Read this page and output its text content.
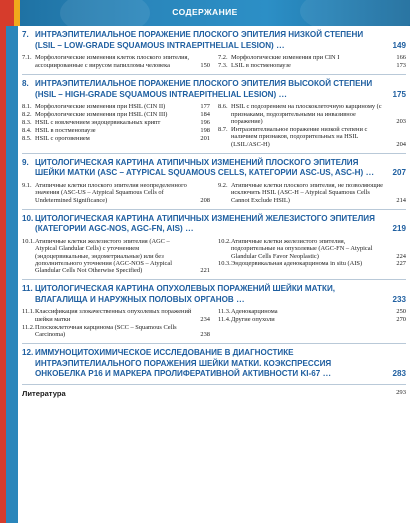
СОДЕРЖАНИЕ
7. ИНТРАЭПИТЕЛИАЛЬНОЕ ПОРАЖЕНИЕ ПЛОСКОГО ЭПИТЕЛИЯ НИЗКОЙ СТЕПЕНИ (LSIL – LOW-GRADE SQUAMOUS INTRAEPITHELIAL LESION) ...	149
7.1. Морфологические изменения клеток плоского эпителия, ассоциированные с вирусом папилломы человека	150
7.2. Морфологические изменения при CIN I	166
7.3. LSIL в постменопаузе	173
8. ИНТРАЭПИТЕЛИАЛЬНОЕ ПОРАЖЕНИЕ ПЛОСКОГО ЭПИТЕЛИЯ ВЫСОКОЙ СТЕПЕНИ (HSIL – HIGH-GRADE SQUAMOUS INTRAEPITHELIAL LESION) ...	175
8.1. Морфологические изменения при HSIL (CIN II)	177
8.2. Морфологические изменения при HSIL (CIN III)	184
8.3. HSIL с вовлечением эндоцервикальных крипт	196
8.4. HSIL в постменопаузе	198
8.5. HSIL с ороговением	201
8.6. HSIL с подозрением на плоскоклеточную карциному (с признаками, подозрительными на инвазивное поражение)	203
8.7. Интраэпителиальное поражение низкой степени с наличием признаков, подозрительных на HSIL (LSIL/ASC-H)	204
9. ЦИТОЛОГИЧЕСКАЯ КАРТИНА АТИПИЧНЫХ ИЗМЕНЕНИЙ ПЛОСКОГО ЭПИТЕЛИЯ ШЕЙКИ МАТКИ (ASC – ATYPICAL SQUAMOUS CELLS, КАТЕГОРИИ ASC-US, ASC-H) ... 207
9.1. Атипичные клетки плоского эпителия неопределенного значения (ASC-US – Atypical Squamous Cells of Undetermined Significance)	208
9.2. Атипичные клетки плоского эпителия, не позволяющие исключить HSIL (ASC-H – Atypical Squamous Cells Cannot Exclude HSIL)	214
10. ЦИТОЛОГИЧЕСКАЯ КАРТИНА АТИПИЧНЫХ ИЗМЕНЕНИЙ ЖЕЛЕЗИСТОГО ЭПИТЕЛИЯ (КАТЕГОРИИ AGC-NOS, AGC-FN, AIS) ...	219
10.1. Атипичные клетки железистого эпителия (AGC – Atypical Glandular Cells) с уточнением (эндоцервикальные, эндометриальные) или без дополнительного уточнения (AGC-NOS – Atypical Glandular Cells Not Otherwise Specified)	221
10.2. Атипичные клетки железистого эпителия, подозрительные на опухолевые (AGC-FN – Atypical Glandular Cells Favor Neoplastic)	224
10.3. Эндоцервикальная аденокарцинома in situ (AIS)	227
11. ЦИТОЛОГИЧЕСКАЯ КАРТИНА ОПУХОЛЕВЫХ ПОРАЖЕНИЙ ШЕЙКИ МАТКИ, ВЛАГАЛИЩА И НАРУЖНЫХ ПОЛОВЫХ ОРГАНОВ ...	233
11.1. Классификация злокачественных опухолевых поражений шейки матки	234
11.2. Плоскоклеточная карцинома (SCC – Squamous Cells Carcinoma)	238
11.3. Аденокарцинома	250
11.4. Другие опухоли	270
12. ИММУНОЦИТОХИМИЧЕСКОЕ ИССЛЕДОВАНИЕ В ДИАГНОСТИКЕ ИНТРАЭПИТЕЛИАЛЬНОГО ПОРАЖЕНИЯ ШЕЙКИ МАТКИ. КОЭКСПРЕССИЯ ОНКОБЕЛКА P16 И МАРКЕРА ПРОЛИФЕРАТИВНОЙ АКТИВНОСТИ KI-67 ...	283
Литература	293
